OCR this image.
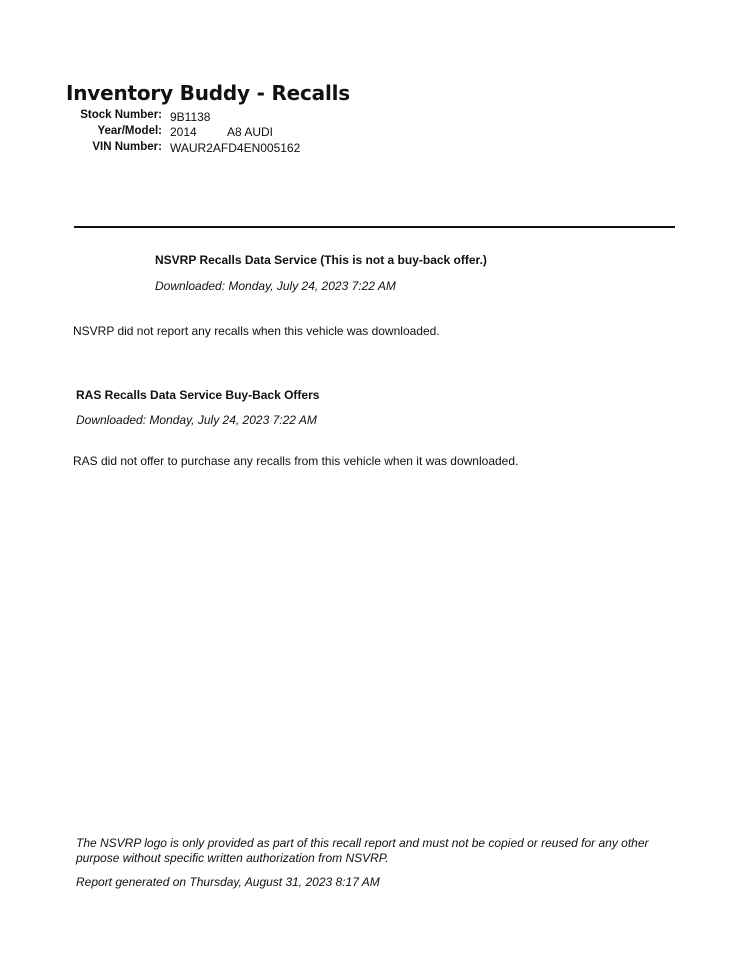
Inventory Buddy - Recalls
Stock Number: 9B1138
Year/Model: 2014	A8 AUDI
VIN Number: WAUR2AFD4EN005162
NSVRP Recalls Data Service (This is not a buy-back offer.)
Downloaded: Monday, July 24, 2023 7:22 AM
NSVRP did not report any recalls when this vehicle was downloaded.
RAS Recalls Data Service Buy-Back Offers
Downloaded: Monday, July 24, 2023 7:22 AM
RAS did not offer to purchase any recalls from this vehicle when it was downloaded.
The NSVRP logo is only provided as part of this recall report and must not be copied or reused for any other purpose without specific written authorization from NSVRP.
Report generated on Thursday, August 31, 2023 8:17 AM
